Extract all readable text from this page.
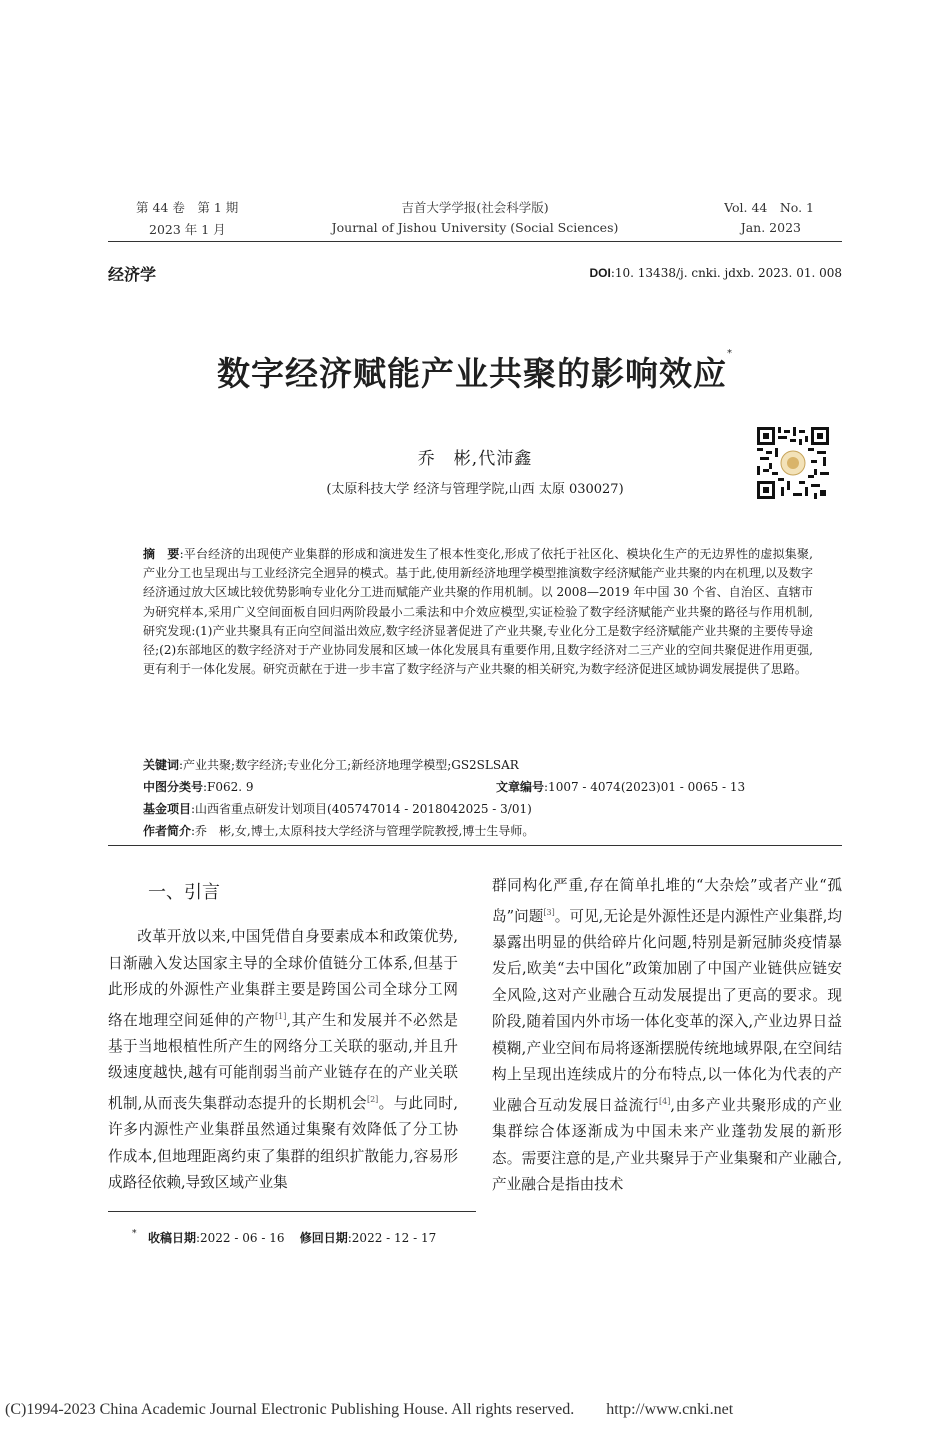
第 44 卷　第 1 期
2023 年 1 月
吉首大学学报(社会科学版)
Journal of Jishou University (Social Sciences)
Vol. 44　No. 1
Jan. 2023
经济学	DOI:10. 13438/j. cnki. jdxb. 2023. 01. 008
数字经济赋能产业共聚的影响效应*
乔　彬,代沛鑫
(太原科技大学 经济与管理学院,山西 太原 030027)
摘　要:平台经济的出现使产业集群的形成和演进发生了根本性变化,形成了依托于社区化、模块化生产的无边界性的虚拟集聚,产业分工也呈现出与工业经济完全迥异的模式。基于此,使用新经济地理学模型推演数字经济赋能产业共聚的内在机理,以及数字经济通过放大区域比较优势影响专业化分工进而赋能产业共聚的作用机制。以 2008—2019 年中国 30 个省、自治区、直辖市为研究样本,采用广义空间面板自回归两阶段最小二乘法和中介效应模型,实证检验了数字经济赋能产业共聚的路径与作用机制,研究发现:(1)产业共聚具有正向空间溢出效应,数字经济显著促进了产业共聚,专业化分工是数字经济赋能产业共聚的主要传导途径;(2)东部地区的数字经济对于产业协同发展和区域一体化发展具有重要作用,且数字经济对二三产业的空间共聚促进作用更强,更有利于一体化发展。研究贡献在于进一步丰富了数字经济与产业共聚的相关研究,为数字经济促进区域协调发展提供了思路。
关键词:产业共聚;数字经济;专业化分工;新经济地理学模型;GS2SLSAR
中图分类号:F062. 9	文章编号:1007 - 4074(2023)01 - 0065 - 13
基金项目:山西省重点研发计划项目(405747014 - 2018042025 - 3/01)
作者简介:乔　彬,女,博士,太原科技大学经济与管理学院教授,博士生导师。
一、引言

改革开放以来,中国凭借自身要素成本和政策优势,日渐融入发达国家主导的全球价值链分工体系,但基于此形成的外源性产业集群主要是跨国公司全球分工网络在地理空间延伸的产物[1],其产生和发展并不必然是基于当地根植性所产生的网络分工关联的驱动,并且升级速度越快,越有可能削弱当前产业链存在的产业关联机制,从而丧失集群动态提升的长期机会[2]。与此同时,许多内源性产业集群虽然通过集聚有效降低了分工协作成本,但地理距离约束了集群的组织扩散能力,容易形成路径依赖,导致区域产业集

群同构化严重,存在简单扎堆的“大杂烩”或者产业“孤岛”问题[3]。可见,无论是外源性还是内源性产业集群,均暴露出明显的供给碎片化问题,特别是新冠肺炎疫情暴发后,欧美“去中国化”政策加剧了中国产业链供应链安全风险,这对产业融合互动发展提出了更高的要求。现阶段,随着国内外市场一体化变革的深入,产业边界日益模糊,产业空间布局将逐渐摆脱传统地域界限,在空间结构上呈现出连续成片的分布特点,以一体化为代表的产业融合互动发展日益流行[4],由多产业共聚形成的产业集群综合体逐渐成为中国未来产业蓬勃发展的新形态。需要注意的是,产业共聚异于产业集聚和产业融合,产业融合是指由技术

* 收稿日期:2022 - 06 - 16 修回日期:2022 - 12 - 17
(C)1994-2023 China Academic Journal Electronic Publishing House. All rights reserved.　　http://www.cnki.net
